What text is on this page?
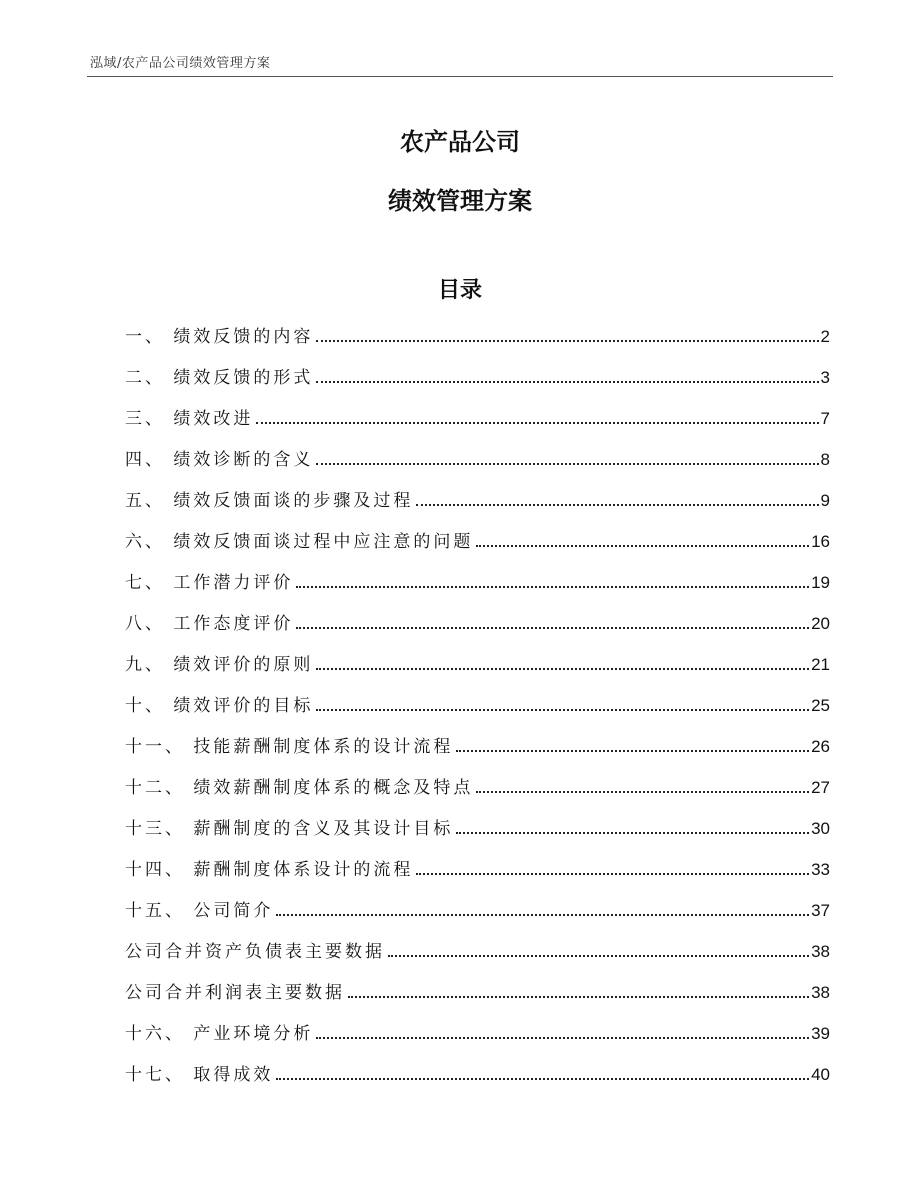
泓域/农产品公司绩效管理方案
农产品公司
绩效管理方案
目录
一、 绩效反馈的内容	2
二、 绩效反馈的形式	3
三、 绩效改进	7
四、 绩效诊断的含义	8
五、 绩效反馈面谈的步骤及过程	9
六、 绩效反馈面谈过程中应注意的问题	16
七、 工作潜力评价	19
八、 工作态度评价	20
九、 绩效评价的原则	21
十、 绩效评价的目标	25
十一、 技能薪酬制度体系的设计流程	26
十二、 绩效薪酬制度体系的概念及特点	27
十三、 薪酬制度的含义及其设计目标	30
十四、 薪酬制度体系设计的流程	33
十五、 公司简介	37
公司合并资产负债表主要数据	38
公司合并利润表主要数据	38
十六、 产业环境分析	39
十七、 取得成效	40
